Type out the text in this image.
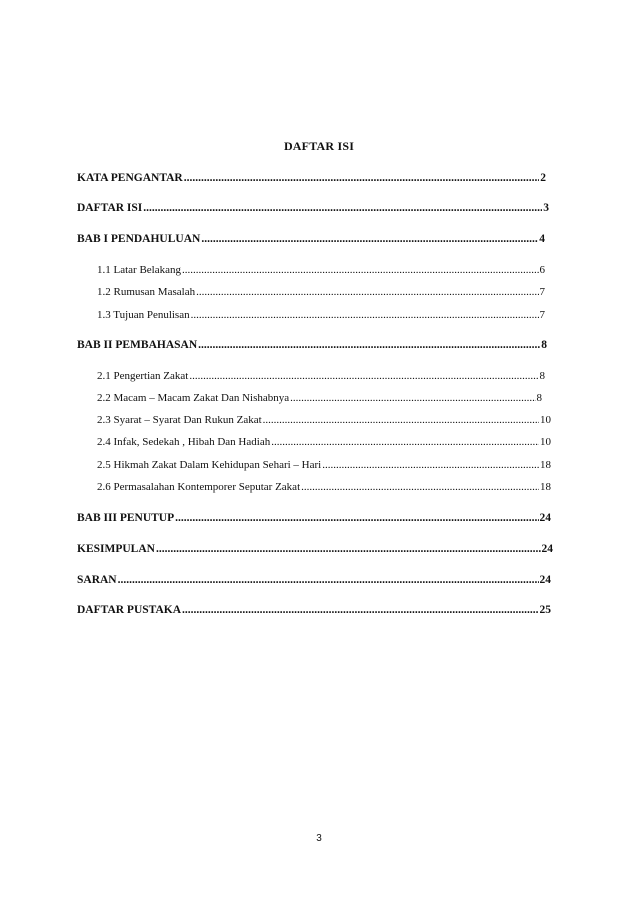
DAFTAR ISI
KATA PENGANTAR .....	2
DAFTAR ISI .....	3
BAB I PENDAHULUAN .....	4
1.1 Latar Belakang .....	6
1.2 Rumusan Masalah .....	7
1.3 Tujuan Penulisan .....	7
BAB II PEMBAHASAN .....	8
2.1 Pengertian Zakat .....	8
2.2 Macam – Macam Zakat Dan Nishabnya .....	8
2.3 Syarat – Syarat Dan Rukun Zakat .....	10
2.4 Infak, Sedekah , Hibah Dan Hadiah .....	10
2.5 Hikmah Zakat Dalam Kehidupan Sehari – Hari .....	18
2.6 Permasalahan Kontemporer Seputar Zakat .....	18
BAB III PENUTUP .....	24
KESIMPULAN .....	24
SARAN .....	24
DAFTAR PUSTAKA .....	25
3
